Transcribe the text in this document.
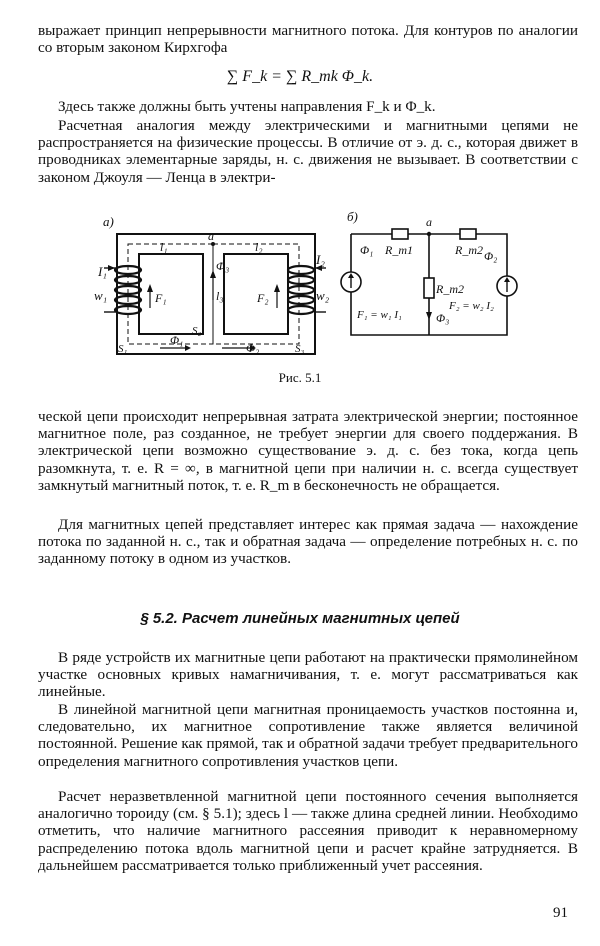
выражает принцип непрерывности магнитного потока. Для контуров по аналогии со вторым законом Кирхгофа

∑ F_k = ∑ R_mk Φ_k.

Здесь также должны быть учтены направления F_k и Φ_k.

Расчетная аналогия между электрическими и магнитными цепями не распространяется на физические процессы. В отличие от э. д. с., которая движет в проводниках элементарные заряды, н. с. движения не вызывает. В соответствии с законом Джоуля — Ленца в электри-

а)
I₁
w₁
I₂
w₂
l₁	l₂
l₃
F₁	F₂
a
Φ₁
Φ₂
Φ₃
S₁
S₂
S₃
б)	a
Φ₁ R_m1	R_m2 Φ₂
R_m2
Φ₃
F₁ = w₁ I₁
F₂ = w₂ I₂
Рис. 5.1

ческой цепи происходит непрерывная затрата электрической энергии; постоянное магнитное поле, раз созданное, не требует энергии для своего поддержания. В электрической цепи возможно существование э. д. с. без тока, когда цепь разомкнута, т. е. R = ∞, в магнитной цепи при наличии н. с. всегда существует замкнутый магнитный поток, т. е. R_m в бесконечность не обращается.

Для магнитных цепей представляет интерес как прямая задача — нахождение потока по заданной н. с., так и обратная задача — определение потребных н. с. по заданному потоку в одном из участков.

§ 5.2. Расчет линейных магнитных цепей

В ряде устройств их магнитные цепи работают на практически прямолинейном участке основных кривых намагничивания, т. е. могут рассматриваться как линейные.

В линейной магнитной цепи магнитная проницаемость участков постоянна и, следовательно, их магнитное сопротивление также является величиной постоянной. Решение как прямой, так и обратной задачи требует предварительного определения магнитного сопротивления участков цепи.

Расчет неразветвленной магнитной цепи постоянного сечения выполняется аналогично тороиду (см. § 5.1); здесь l — также длина средней линии. Необходимо отметить, что наличие магнитного рассеяния приводит к неравномерному распределению потока вдоль магнитной цепи и расчет крайне затрудняется. В дальнейшем рассматривается только приближенный учет рассеяния.

91
